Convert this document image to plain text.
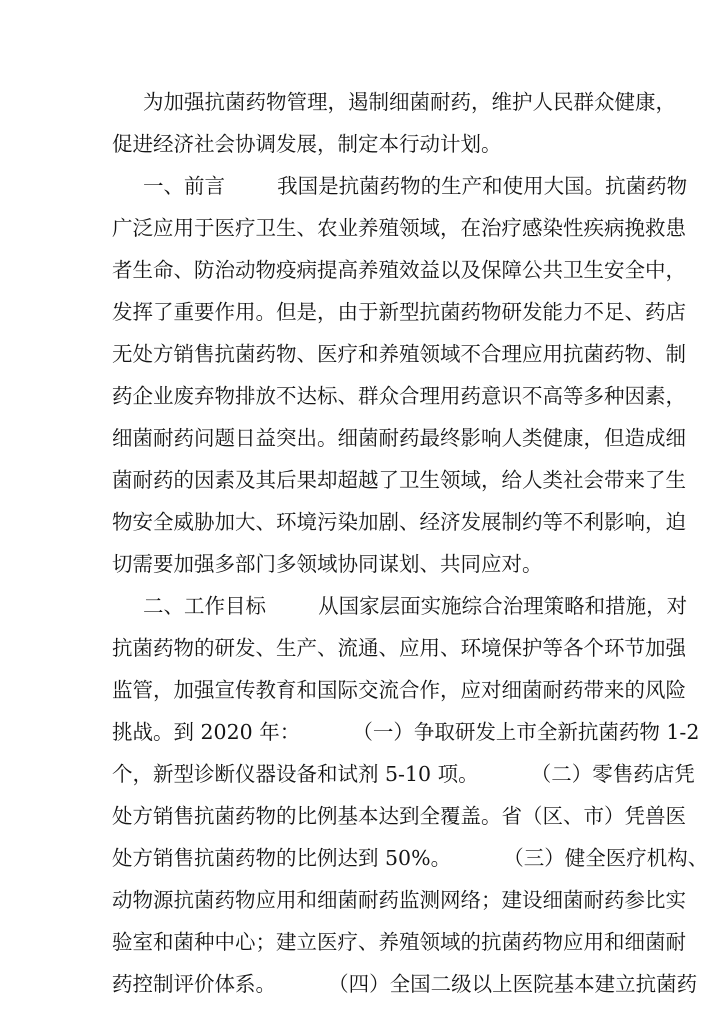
为加强抗菌药物管理，遏制细菌耐药，维护人民群众健康，

促进经济社会协调发展，制定本行动计划。

一、前言        我国是抗菌药物的生产和使用大国。抗菌药物

广泛应用于医疗卫生、农业养殖领域，在治疗感染性疾病挽救患

者生命、防治动物疫病提高养殖效益以及保障公共卫生安全中，

发挥了重要作用。但是，由于新型抗菌药物研发能力不足、药店

无处方销售抗菌药物、医疗和养殖领域不合理应用抗菌药物、制

药企业废弃物排放不达标、群众合理用药意识不高等多种因素，

细菌耐药问题日益突出。细菌耐药最终影响人类健康，但造成细

菌耐药的因素及其后果却超越了卫生领域，给人类社会带来了生

物安全威胁加大、环境污染加剧、经济发展制约等不利影响，迫

切需要加强多部门多领域协同谋划、共同应对。

二、工作目标        从国家层面实施综合治理策略和措施，对

抗菌药物的研发、生产、流通、应用、环境保护等各个环节加强

监管，加强宣传教育和国际交流合作，应对细菌耐药带来的风险

挑战。到 2020 年：        （一）争取研发上市全新抗菌药物 1-2

个，新型诊断仪器设备和试剂 5-10 项。        （二）零售药店凭

处方销售抗菌药物的比例基本达到全覆盖。省（区、市）凭兽医

处方销售抗菌药物的比例达到 50%。        （三）健全医疗机构、

动物源抗菌药物应用和细菌耐药监测网络；建设细菌耐药参比实

验室和菌种中心；建立医疗、养殖领域的抗菌药物应用和细菌耐

药控制评价体系。        （四）全国二级以上医院基本建立抗菌药
